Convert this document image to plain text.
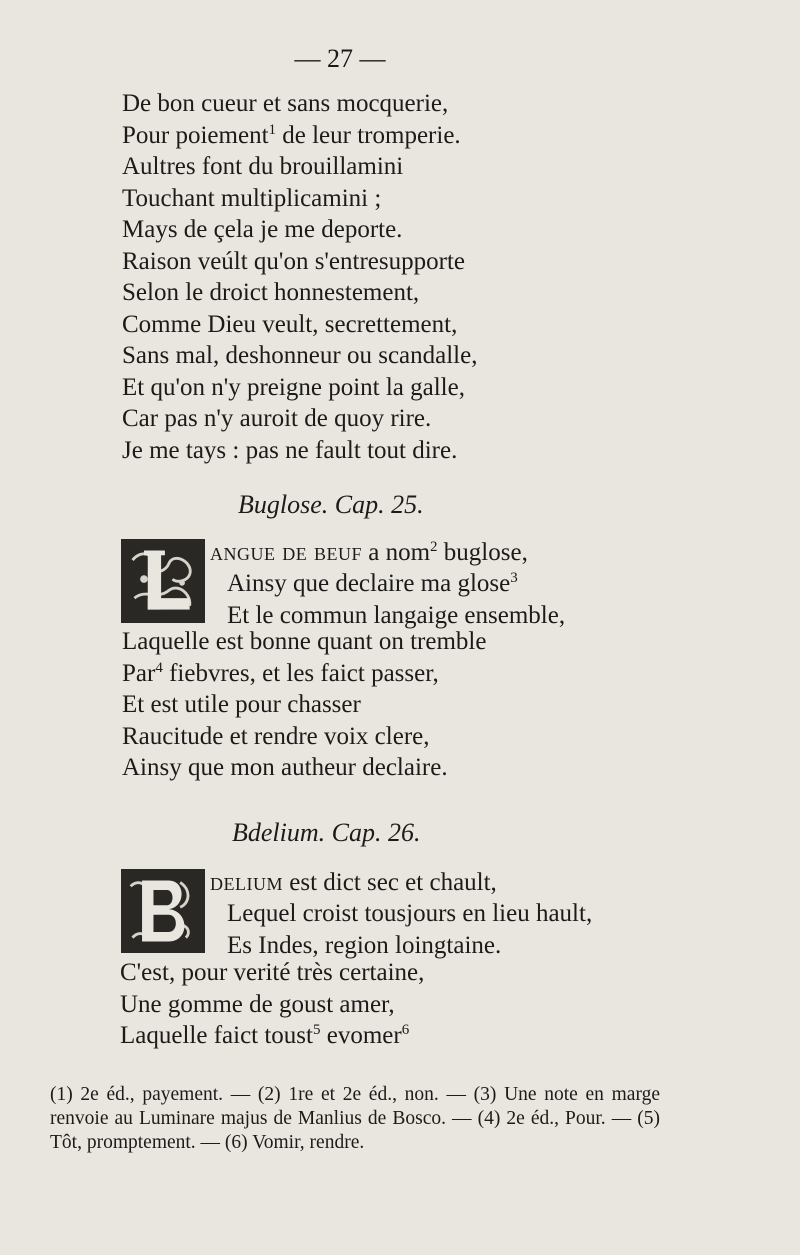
— 27 —
De bon cueur et sans mocquerie,
Pour poiement$^1$ de leur tromperie.
Aultres font du brouillamini
Touchant multiplicamini ;
Mays de çela je me deporte.
Raison veúlt qu'on s'entresupporte
Selon le droict honnestement,
Comme Dieu veult, secrettement,
Sans mal, deshonneur ou scandalle,
Et qu'on n'y preigne point la galle,
Car pas n'y auroit de quoy rire.
Je me tays : pas ne fault tout dire.
Buglose. Cap. 25.
angue de beuf a nom$^2$ buglose,
Ainsy que declaire ma glose$^3$
Et le commun langaige ensemble,
Laquelle est bonne quant on tremble
Par$^4$ fiebvres, et les faict passer,
Et est utile pour chasser
Raucitude et rendre voix clere,
Ainsy que mon autheur declaire.
Bdelium. Cap. 26.
delium est dict sec et chault,
Lequel croist tousjours en lieu hault,
Es Indes, region loingtaine.
C'est, pour verité très certaine,
Une gomme de goust amer,
Laquelle faict toust$^5$ evomer$^6$
(1) 2e éd., payement. — (2) 1re et 2e éd., non. — (3) Une note en marge renvoie au Luminare majus de Manlius de Bosco. — (4) 2e éd., Pour. — (5) Tôt, promptement. — (6) Vomir, rendre.
